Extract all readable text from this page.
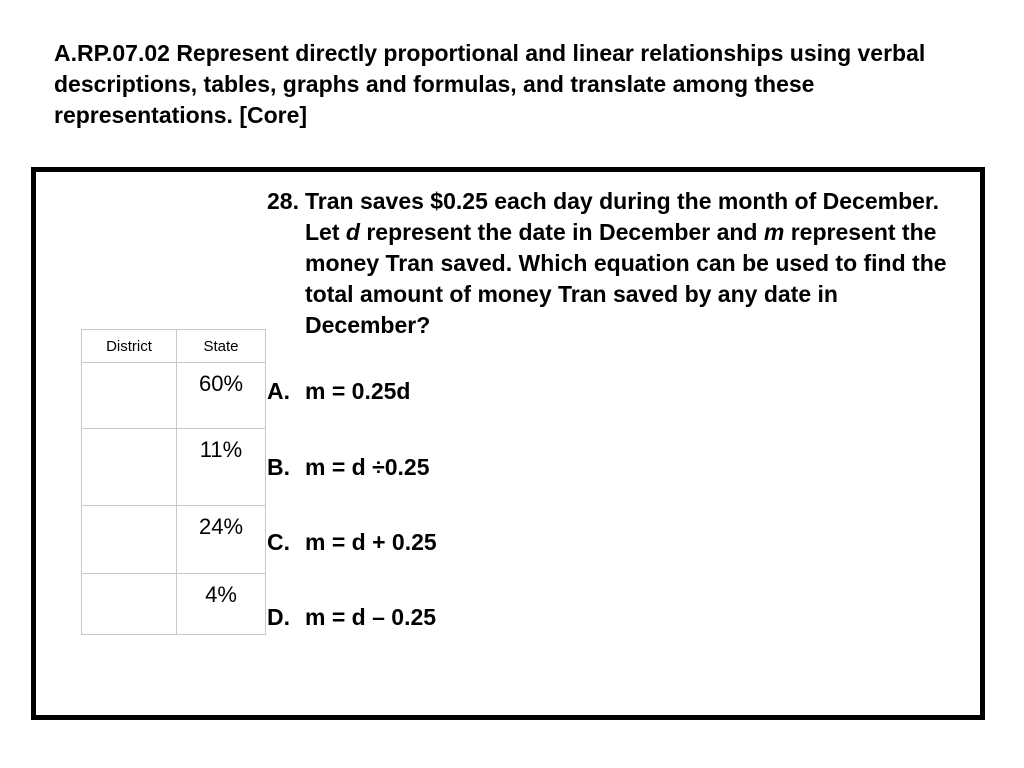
A.RP.07.02 Represent directly proportional and linear relationships using verbal descriptions, tables, graphs and formulas, and translate among these representations. [Core]
District	State
	60%
	11%
	24%
	4%
28. Tran saves $0.25 each day during the month of December. Let d represent the date in December and m represent the money Tran saved. Which equation can be used to find the total amount of money Tran saved by any date in December?
A. m = 0.25d
B. m = d ÷0.25
C. m = d + 0.25
D. m = d – 0.25
